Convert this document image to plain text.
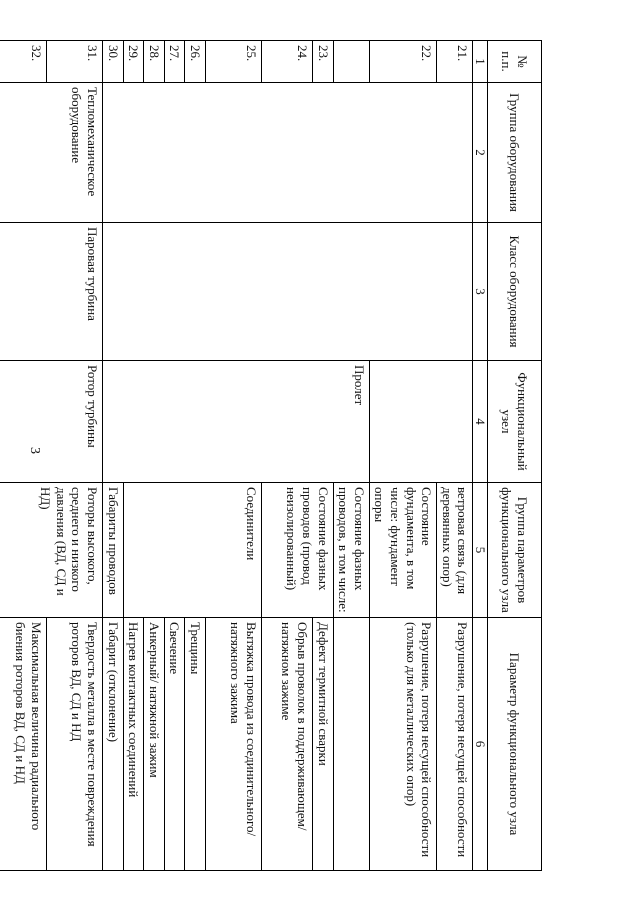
3
№ п.п.	Группа оборудования	Класс оборудования	Функциональный узел	Группа параметров функционального узла	Параметр функционального узла
1	2	3	4	5	6
21.				ветровая связь (для деревянных опор)	Разрушение, потеря несущей способности
22.				Состояние фундамента, в том числе: фундамент опоры	Разрушение, потеря несущей способности (только для металлических опор)
			Пролет	Состояние фазных проводов, в том числе:	
23.				Состояние фазных проводов (провод неизолированный)	Дефект термитной сварки
24.					Обрыв проволок в поддерживающем/натяжном зажиме
25.				Соединители	Вытяжка провода из соединительного/ натяжного зажима
26.					Трещины
27.					Свечение
28.					Анкерный/ натяжной зажим
29.					Нагрев контактных соединений
30.				Габариты проводов	Габарит (отклонение)
31.	Тепломеханическое оборудование	Паровая турбина	Ротор турбины	Роторы высокого, среднего и низкого давления (ВД, СД и НД)	Твердость металла в месте повреждения роторов ВД, СД и НД
32.					Максимальная величина радиального биения роторов ВД, СД и НД
